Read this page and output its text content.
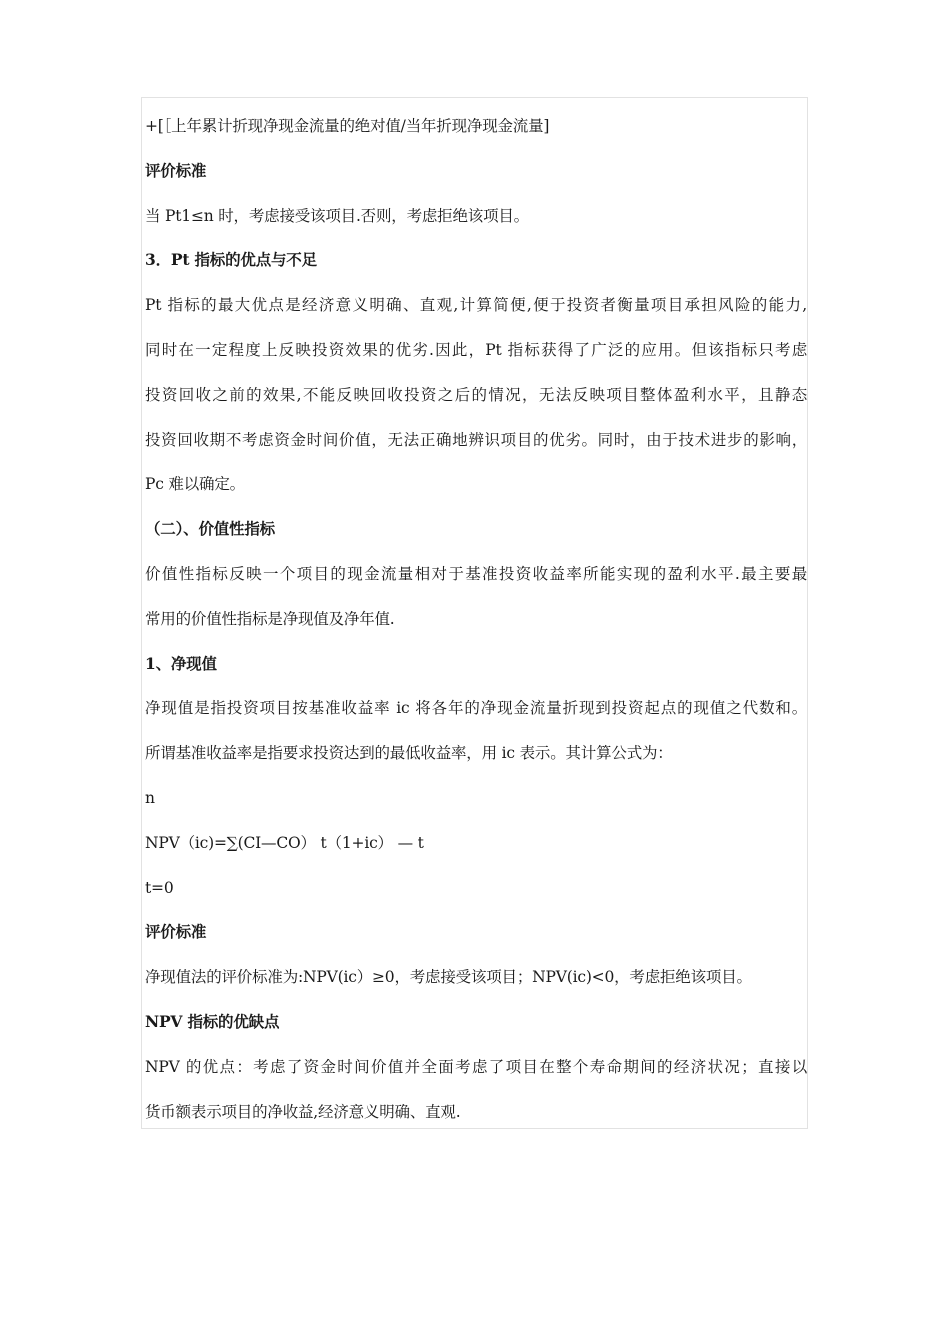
+[［上年累计折现净现金流量的绝对值/当年折现净现金流量]
评价标准
当 Pt1≤n 时，考虑接受该项目.否则，考虑拒绝该项目。
3．Pt 指标的优点与不足
Pt 指标的最大优点是经济意义明确、直观,计算简便,便于投资者衡量项目承担风险的能力,
同时在一定程度上反映投资效果的优劣.因此，Pt 指标获得了广泛的应用。但该指标只考虑
投资回收之前的效果,不能反映回收投资之后的情况，无法反映项目整体盈利水平，且静态
投资回收期不考虑资金时间价值，无法正确地辨识项目的优劣。同时，由于技术进步的影响，
Pc 难以确定。
（二）、价值性指标
价值性指标反映一个项目的现金流量相对于基准投资收益率所能实现的盈利水平.最主要最
常用的价值性指标是净现值及净年值.
1、净现值
净现值是指投资项目按基准收益率 ic 将各年的净现金流量折现到投资起点的现值之代数和。
所谓基准收益率是指要求投资达到的最低收益率，用 ic 表示。其计算公式为：
n
NPV（ic)=∑(CI—CO） t（1+ic） — t
t=0
评价标准
净现值法的评价标准为:NPV(ic）≥0，考虑接受该项目；NPV(ic)<0，考虑拒绝该项目。
NPV 指标的优缺点
NPV 的优点：考虑了资金时间价值并全面考虑了项目在整个寿命期间的经济状况；直接以
货币额表示项目的净收益,经济意义明确、直观.
